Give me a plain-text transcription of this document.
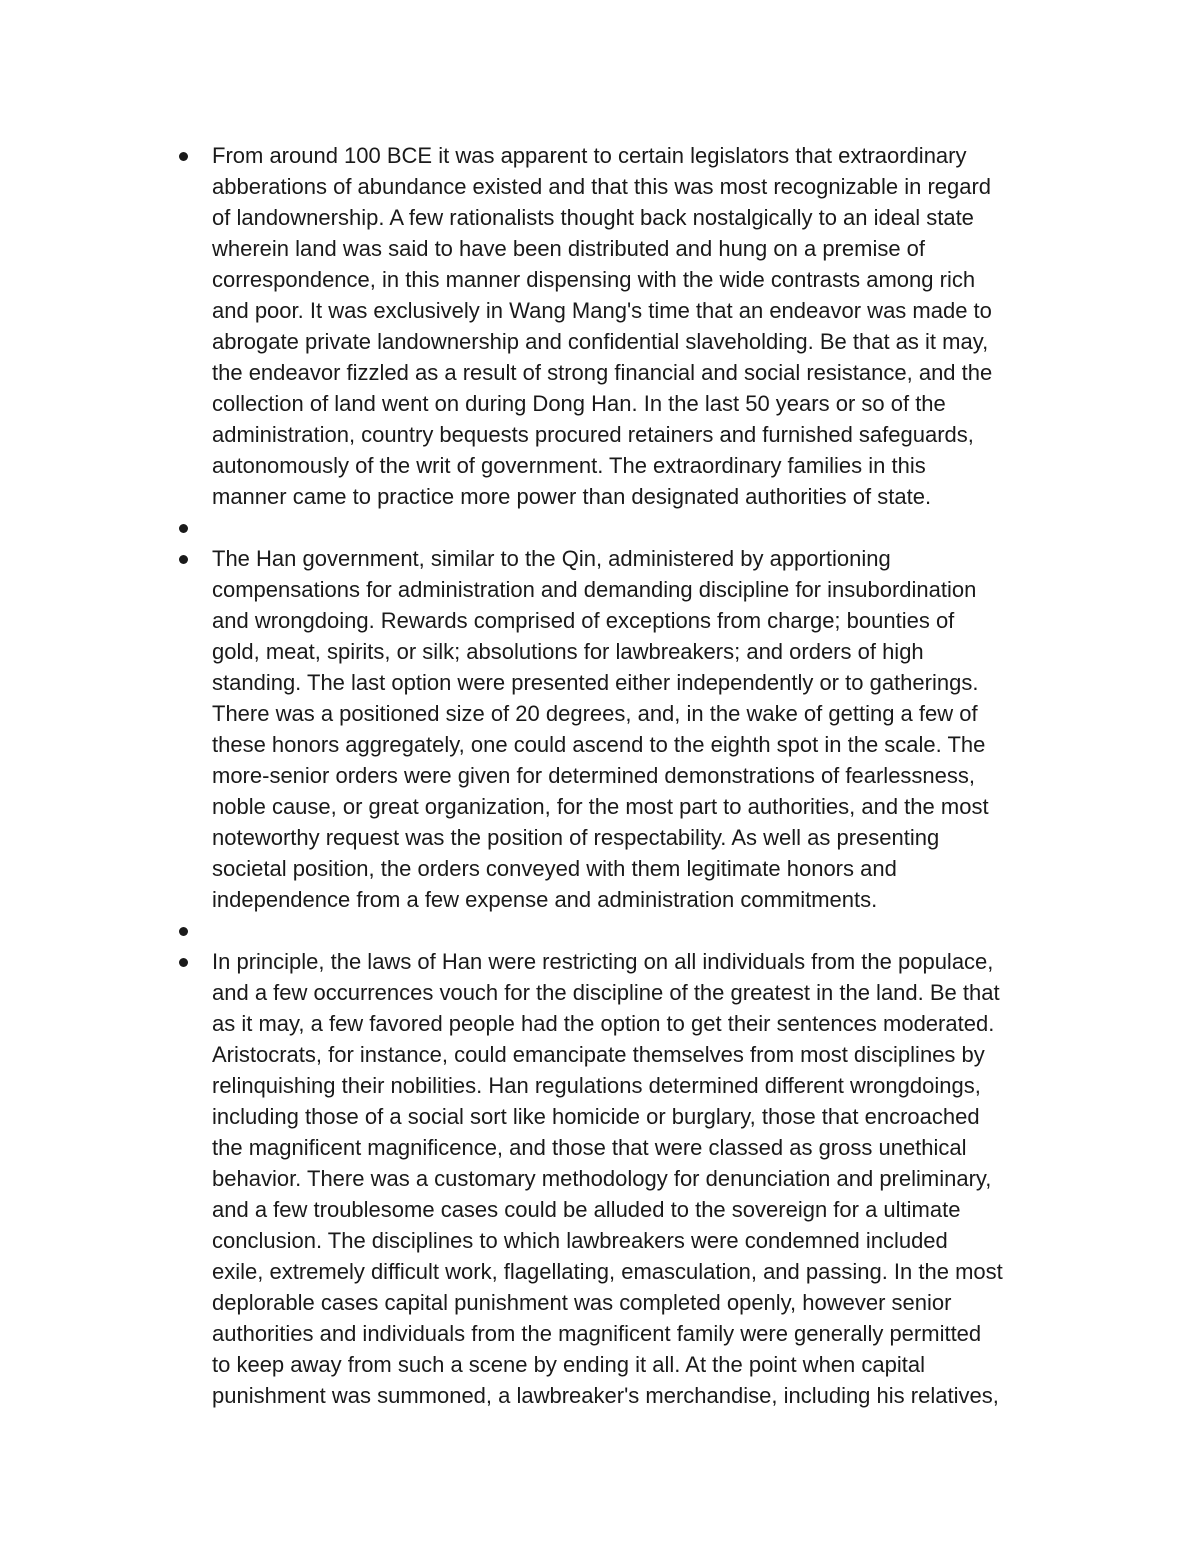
From around 100 BCE it was apparent to certain legislators that extraordinary
abberations of abundance existed and that this was most recognizable in regard
of landownership. A few rationalists thought back nostalgically to an ideal state
wherein land was said to have been distributed and hung on a premise of
correspondence, in this manner dispensing with the wide contrasts among rich
and poor. It was exclusively in Wang Mang's time that an endeavor was made to
abrogate private landownership and confidential slaveholding. Be that as it may,
the endeavor fizzled as a result of strong financial and social resistance, and the
collection of land went on during Dong Han. In the last 50 years or so of the
administration, country bequests procured retainers and furnished safeguards,
autonomously of the writ of government. The extraordinary families in this
manner came to practice more power than designated authorities of state.
The Han government, similar to the Qin, administered by apportioning
compensations for administration and demanding discipline for insubordination
and wrongdoing. Rewards comprised of exceptions from charge; bounties of
gold, meat, spirits, or silk; absolutions for lawbreakers; and orders of high
standing. The last option were presented either independently or to gatherings.
There was a positioned size of 20 degrees, and, in the wake of getting a few of
these honors aggregately, one could ascend to the eighth spot in the scale. The
more-senior orders were given for determined demonstrations of fearlessness,
noble cause, or great organization, for the most part to authorities, and the most
noteworthy request was the position of respectability. As well as presenting
societal position, the orders conveyed with them legitimate honors and
independence from a few expense and administration commitments.
In principle, the laws of Han were restricting on all individuals from the populace,
and a few occurrences vouch for the discipline of the greatest in the land. Be that
as it may, a few favored people had the option to get their sentences moderated.
Aristocrats, for instance, could emancipate themselves from most disciplines by
relinquishing their nobilities. Han regulations determined different wrongdoings,
including those of a social sort like homicide or burglary, those that encroached
the magnificent magnificence, and those that were classed as gross unethical
behavior. There was a customary methodology for denunciation and preliminary,
and a few troublesome cases could be alluded to the sovereign for a ultimate
conclusion. The disciplines to which lawbreakers were condemned included
exile, extremely difficult work, flagellating, emasculation, and passing. In the most
deplorable cases capital punishment was completed openly, however senior
authorities and individuals from the magnificent family were generally permitted
to keep away from such a scene by ending it all. At the point when capital
punishment was summoned, a lawbreaker's merchandise, including his relatives,
